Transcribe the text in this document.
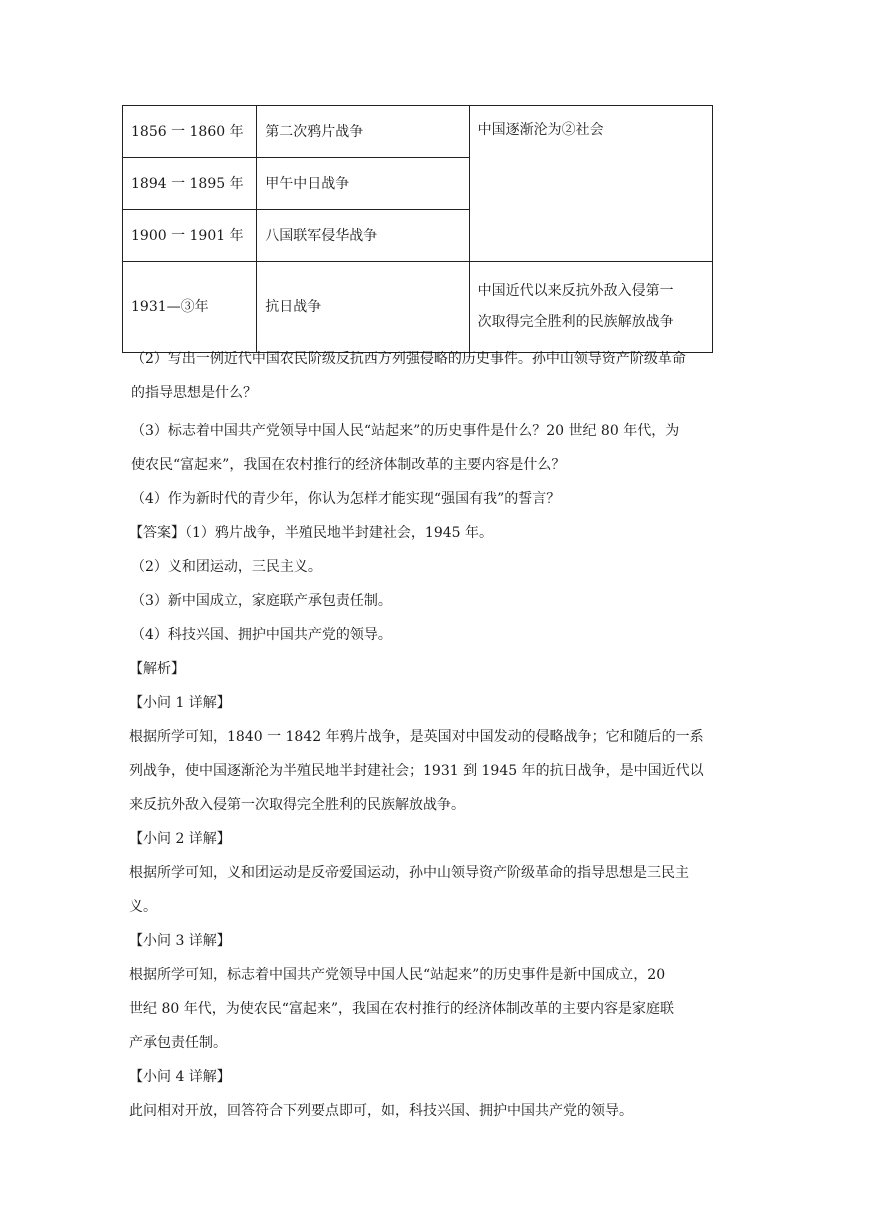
1856 一 1860 年	第二次鸦片战争	中国逐渐沦为②社会
1894 一 1895 年	甲午中日战争	
1900 一 1901 年	八国联军侵华战争	
1931—③年	抗日战争	中国近代以来反抗外敌入侵第一
次取得完全胜利的民族解放战争
（2）写出一例近代中国农民阶级反抗西方列强侵略的历史事件。孙中山领导资产阶级革命
的指导思想是什么？
（3）标志着中国共产党领导中国人民“站起来”的历史事件是什么？20 世纪 80 年代，为
使农民“富起来”，我国在农村推行的经济体制改革的主要内容是什么？
（4）作为新时代的青少年，你认为怎样才能实现“强国有我”的誓言？
【答案】（1）鸦片战争，半殖民地半封建社会，1945 年。
（2）义和团运动，三民主义。
（3）新中国成立，家庭联产承包责任制。
（4）科技兴国、拥护中国共产党的领导。
【解析】
【小问 1 详解】
根据所学可知，1840 一 1842 年鸦片战争，是英国对中国发动的侵略战争；它和随后的一系
列战争，使中国逐渐沦为半殖民地半封建社会；1931 到 1945 年的抗日战争，是中国近代以
来反抗外敌入侵第一次取得完全胜利的民族解放战争。
【小问 2 详解】
根据所学可知，义和团运动是反帝爱国运动，孙中山领导资产阶级革命的指导思想是三民主
义。
【小问 3 详解】
根据所学可知，标志着中国共产党领导中国人民“站起来”的历史事件是新中国成立，20
世纪 80 年代，为使农民“富起来”，我国在农村推行的经济体制改革的主要内容是家庭联
产承包责任制。
【小问 4 详解】
此问相对开放，回答符合下列要点即可，如，科技兴国、拥护中国共产党的领导。
